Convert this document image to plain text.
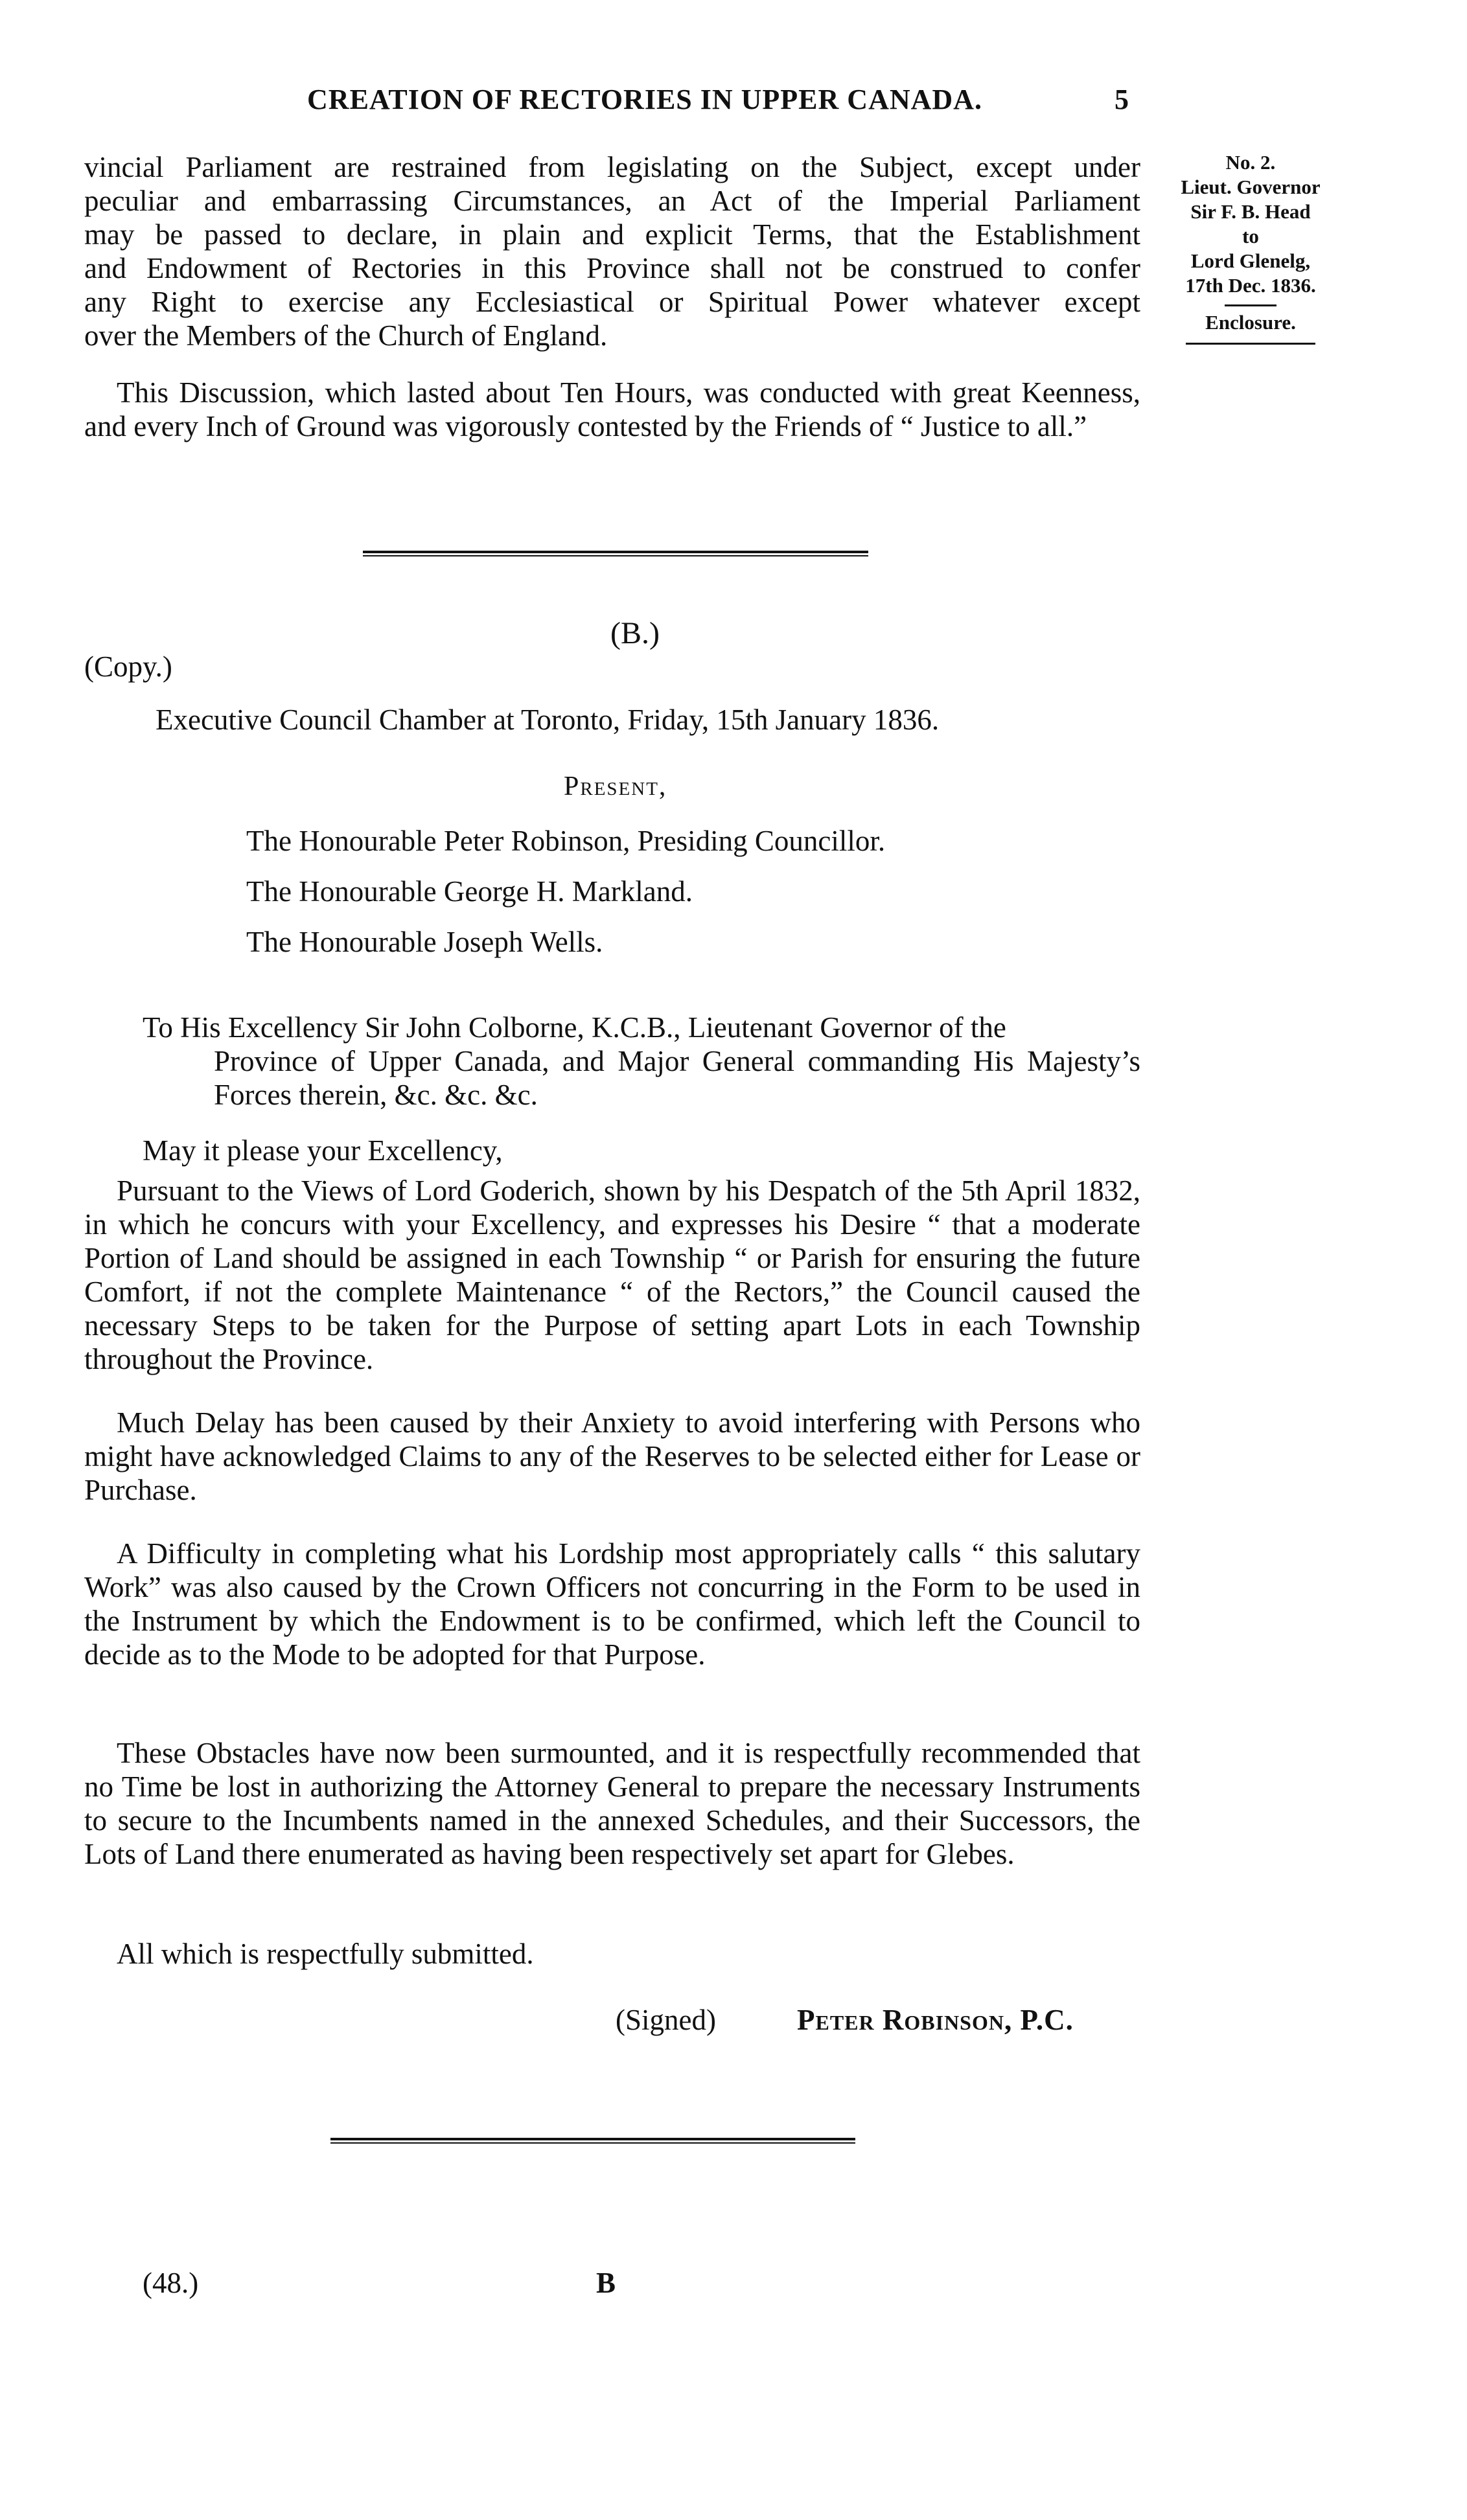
CREATION OF RECTORIES IN UPPER CANADA.	5

vincial Parliament are restrained from legislating on the Subject, except under

peculiar and embarrassing Circumstances, an Act of the Imperial Parliament

may be passed to declare, in plain and explicit Terms, that the Establishment

and Endowment of Rectories in this Province shall not be construed to confer

any Right to exercise any Ecclesiastical or Spiritual Power whatever except

over the Members of the Church of England.

No. 2.
Lieut. Governor
Sir F. B. Head
to
Lord Glenelg,
17th Dec. 1836.
Enclosure.

This Discussion, which lasted about Ten Hours, was conducted with great Keenness, and every Inch of Ground was vigorously contested by the Friends of “ Justice to all.”

(B.)
(Copy.)
Executive Council Chamber at Toronto, Friday, 15th January 1836.
Present,
The Honourable Peter Robinson, Presiding Councillor.
The Honourable George H. Markland.
The Honourable Joseph Wells.
To His Excellency Sir John Colborne, K.C.B., Lieutenant Governor of the
Province of Upper Canada, and Major General commanding His Majesty’s Forces therein, &c. &c. &c.
May it please your Excellency,

Pursuant to the Views of Lord Goderich, shown by his Despatch of the 5th April 1832, in which he concurs with your Excellency, and expresses his Desire “ that a moderate Portion of Land should be assigned in each Township “ or Parish for ensuring the future Comfort, if not the complete Maintenance “ of the Rectors,” the Council caused the necessary Steps to be taken for the Purpose of setting apart Lots in each Township throughout the Province.

Much Delay has been caused by their Anxiety to avoid interfering with Persons who might have acknowledged Claims to any of the Reserves to be selected either for Lease or Purchase.

A Difficulty in completing what his Lordship most appropriately calls “ this salutary Work” was also caused by the Crown Officers not concurring in the Form to be used in the Instrument by which the Endowment is to be confirmed, which left the Council to decide as to the Mode to be adopted for that Purpose.

These Obstacles have now been surmounted, and it is respectfully recommended that no Time be lost in authorizing the Attorney General to prepare the necessary Instruments to secure to the Incumbents named in the annexed Schedules, and their Successors, the Lots of Land there enumerated as having been respectively set apart for Glebes.

All which is respectfully submitted.

(Signed)	Peter Robinson, P.C.
(48.)	B
